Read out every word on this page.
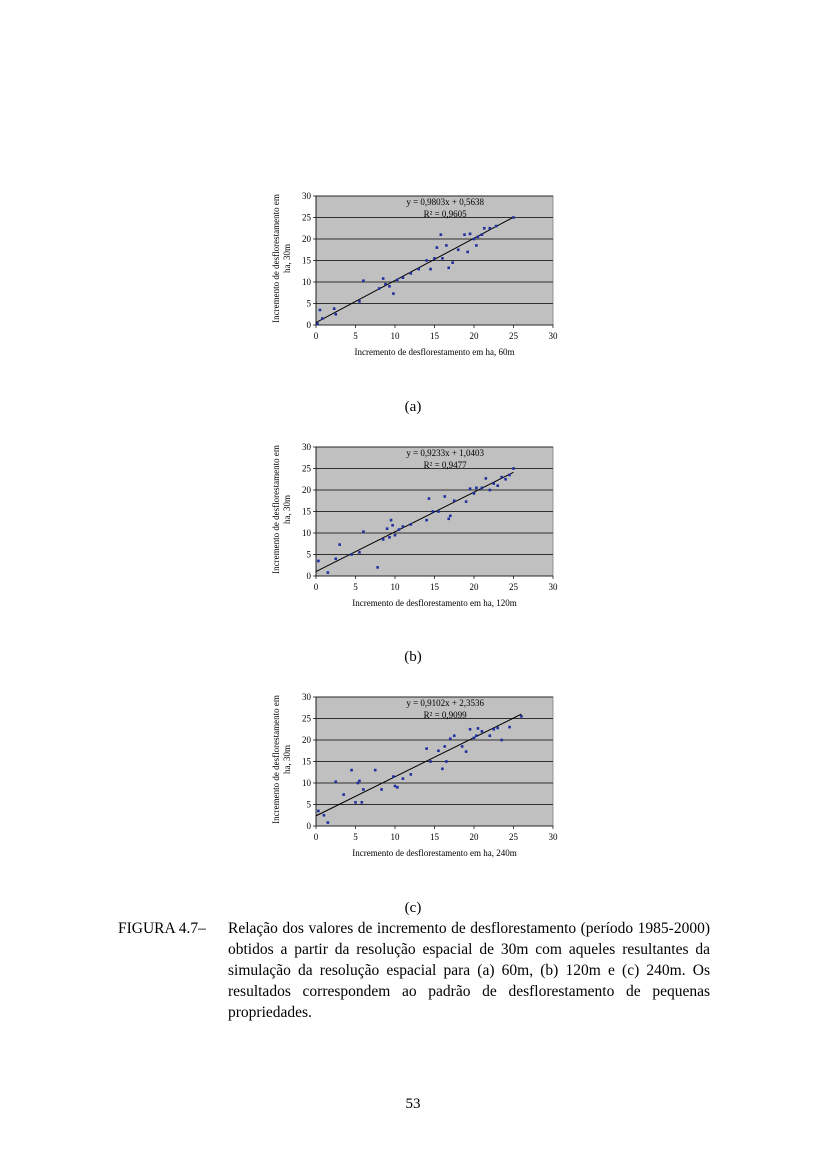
0
5
10
15
20
25
30
0	5	10	15	20	25	30
y = 0,9803x + 0,5638
R² = 0,9605
Incremento de desflorestamento em ha, 60m
Incremento de desflorestamento emha, 30m
(a)
0
5
10
15
20
25
30
0	5	10	15	20	25	30
y = 0,9233x + 1,0403
R² = 0,9477
Incremento de desflorestamento em ha, 120m
Incremento de desflorestamento emha, 30m
(b)
0
5
10
15
20
25
30
0	5	10	15	20	25	30
y = 0,9102x + 2,3536
R² = 0,9099
Incremento de desflorestamento em ha, 240m
Incremento de desflorestamento emha, 30m
(c)
FIGURA 4.7– Relação dos valores de incremento de desflorestamento (período 1985-2000) obtidos a partir da resolução espacial de 30m com aqueles resultantes da simulação da resolução espacial para (a) 60m, (b) 120m e (c) 240m. Os resultados correspondem ao padrão de desflorestamento de pequenas propriedades.
53
